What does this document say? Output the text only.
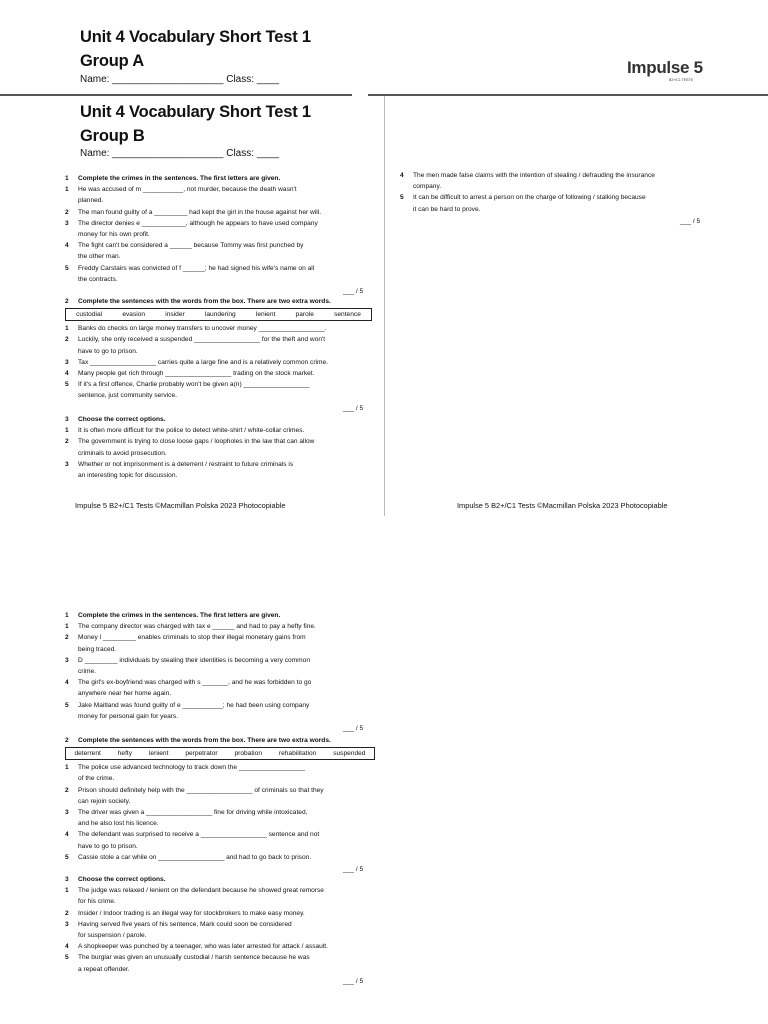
Unit 4 Vocabulary Short Test 1
Group A
Name: ____________________ Class: ____
Impulse 5
B2+/C1 TESTS
Unit 4 Vocabulary Short Test 1
Group B
Name: ____________________ Class: ____
1	Complete the crimes in the sentences. The first letters are given.
1	He was accused of m ___________, not murder, because the death wasn't
planned.
2	The man found guilty of a _________ had kept the girl in the house against her will.
3	The director denies e ____________, although he appears to have used company
money for his own profit.
4	The fight can't be considered a ______ because Tommy was first punched by
the other man.
5	Freddy Carstairs was convicted of f ______; he had signed his wife's name on all
the contracts.
___ / 5
2	Complete the sentences with the words from the box. There are two extra words.
custodial	evasion	insider	laundering	lenient	parole	sentence
1	Banks do checks on large money transfers to uncover money __________________.
2	Luckily, she only received a suspended __________________ for the theft and won't
have to go to prison.
3	Tax __________________ carries quite a large fine and is a relatively common crime.
4	Many people get rich through __________________ trading on the stock market.
5	If it's a first offence, Charlie probably won't be given a(n) __________________
sentence, just community service.
___ / 5
3	Choose the correct options.
1	It is often more difficult for the police to detect white-shirt / white-collar crimes.
2	The government is trying to close loose gaps / loopholes in the law that can allow
criminals to avoid prosecution.
3	Whether or not imprisonment is a deterrent / restraint to future criminals is
an interesting topic for discussion.
4	The men made false claims with the intention of stealing / defrauding the insurance
company.
5	It can be difficult to arrest a person on the charge of following / stalking because
it can be hard to prove.
___ / 5
Impulse 5 B2+/C1 Tests ©Macmillan Polska 2023 Photocopiable	Impulse 5 B2+/C1 Tests ©Macmillan Polska 2023 Photocopiable
1	Complete the crimes in the sentences. The first letters are given.
1	The company director was charged with tax e ______ and had to pay a hefty fine.
2	Money l _________ enables criminals to stop their illegal monetary gains from
being traced.
3	D _________ individuals by stealing their identities is becoming a very common
crime.
4	The girl's ex-boyfriend was charged with s _______, and he was forbidden to go
anywhere near her home again.
5	Jake Maitland was found guilty of e ___________; he had been using company
money for personal gain for years.
___ / 5
2	Complete the sentences with the words from the box. There are two extra words.
deterrent	hefty	lenient	perpetrator	probation	rehabilitation	suspended
1	The police use advanced technology to track down the __________________
of the crime.
2	Prison should definitely help with the __________________ of criminals so that they
can rejoin society.
3	The driver was given a __________________ fine for driving while intoxicated,
and he also lost his licence.
4	The defendant was surprised to receive a __________________ sentence and not
have to go to prison.
5	Cassie stole a car while on __________________ and had to go back to prison.
___ / 5
3	Choose the correct options.
1	The judge was relaxed / lenient on the defendant because he showed great remorse
for his crime.
2	Insider / Indoor trading is an illegal way for stockbrokers to make easy money.
3	Having served five years of his sentence, Mark could soon be considered
for suspension / parole.
4	A shopkeeper was punched by a teenager, who was later arrested for attack / assault.
5	The burglar was given an unusually custodial / harsh sentence because he was
a repeat offender.
___ / 5
